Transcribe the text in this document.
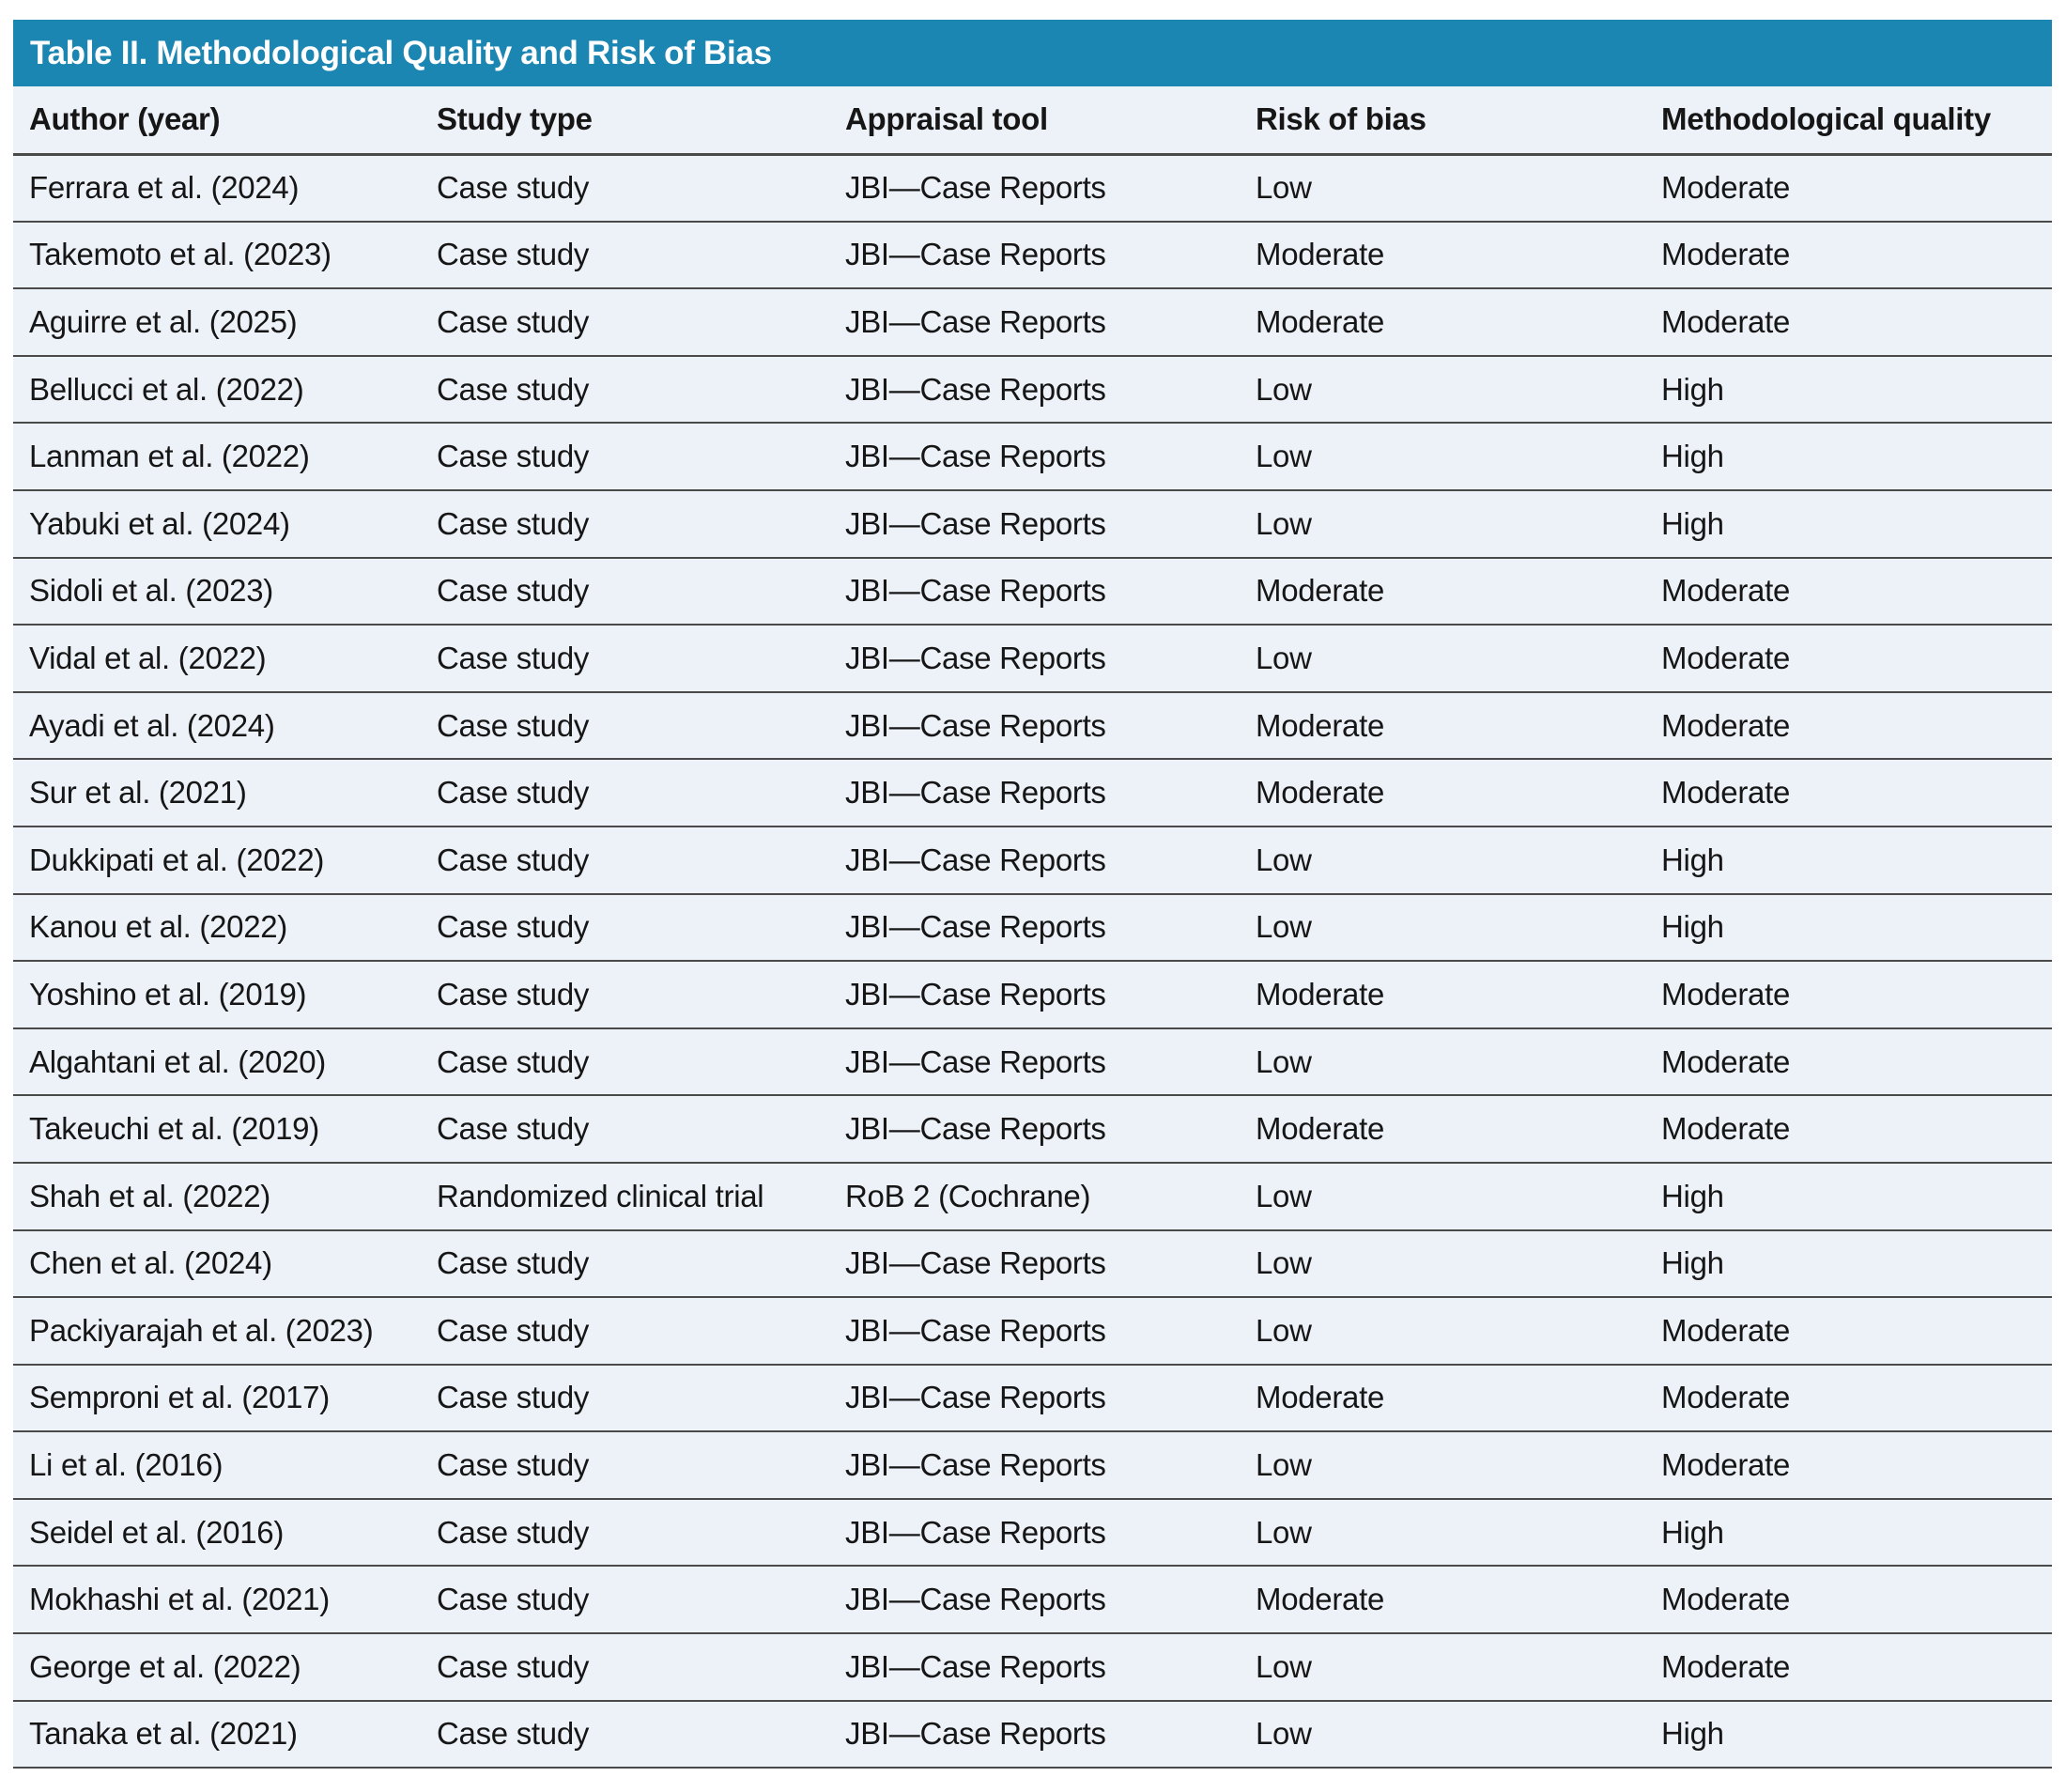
Table II. Methodological Quality and Risk of Bias
Author (year)	Study type	Appraisal tool	Risk of bias	Methodological quality
Ferrara et al. (2024)	Case study	JBI—Case Reports	Low	Moderate
Takemoto et al. (2023)	Case study	JBI—Case Reports	Moderate	Moderate
Aguirre et al. (2025)	Case study	JBI—Case Reports	Moderate	Moderate
Bellucci et al. (2022)	Case study	JBI—Case Reports	Low	High
Lanman et al. (2022)	Case study	JBI—Case Reports	Low	High
Yabuki et al. (2024)	Case study	JBI—Case Reports	Low	High
Sidoli et al. (2023)	Case study	JBI—Case Reports	Moderate	Moderate
Vidal et al. (2022)	Case study	JBI—Case Reports	Low	Moderate
Ayadi et al. (2024)	Case study	JBI—Case Reports	Moderate	Moderate
Sur et al. (2021)	Case study	JBI—Case Reports	Moderate	Moderate
Dukkipati et al. (2022)	Case study	JBI—Case Reports	Low	High
Kanou et al. (2022)	Case study	JBI—Case Reports	Low	High
Yoshino et al. (2019)	Case study	JBI—Case Reports	Moderate	Moderate
Algahtani et al. (2020)	Case study	JBI—Case Reports	Low	Moderate
Takeuchi et al. (2019)	Case study	JBI—Case Reports	Moderate	Moderate
Shah et al. (2022)	Randomized clinical trial	RoB 2 (Cochrane)	Low	High
Chen et al. (2024)	Case study	JBI—Case Reports	Low	High
Packiyarajah et al. (2023)	Case study	JBI—Case Reports	Low	Moderate
Semproni et al. (2017)	Case study	JBI—Case Reports	Moderate	Moderate
Li et al. (2016)	Case study	JBI—Case Reports	Low	Moderate
Seidel et al. (2016)	Case study	JBI—Case Reports	Low	High
Mokhashi et al. (2021)	Case study	JBI—Case Reports	Moderate	Moderate
George et al. (2022)	Case study	JBI—Case Reports	Low	Moderate
Tanaka et al. (2021)	Case study	JBI—Case Reports	Low	High
